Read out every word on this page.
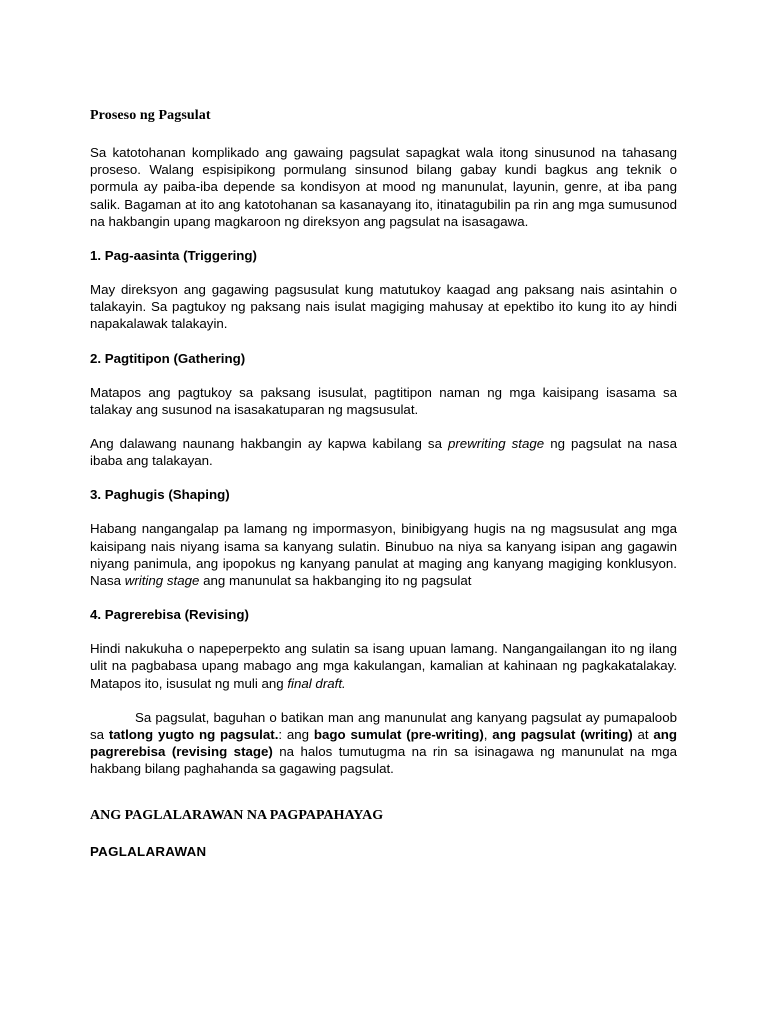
Proseso ng Pagsulat

Sa katotohanan komplikado ang gawaing pagsulat sapagkat wala itong sinusunod na tahasang proseso. Walang espisipikong pormulang sinsunod bilang gabay kundi bagkus ang teknik o pormula ay paiba-iba depende sa kondisyon at mood ng manunulat, layunin, genre, at iba pang salik. Bagaman at ito ang katotohanan sa kasanayang ito, itinatagubilin pa rin ang mga sumusunod na hakbangin upang magkaroon ng direksyon ang pagsulat na isasagawa.

1. Pag-aasinta (Triggering)

May direksyon ang gagawing pagsusulat kung matutukoy kaagad ang paksang nais asintahin o talakayin. Sa pagtukoy ng paksang nais isulat magiging mahusay at epektibo ito kung ito ay hindi napakalawak talakayin.

2. Pagtitipon (Gathering)

Matapos ang pagtukoy sa paksang isusulat, pagtitipon naman ng mga kaisipang isasama sa talakay ang susunod na isasakatuparan ng magsusulat.

Ang dalawang naunang hakbangin ay kapwa kabilang sa prewriting stage ng pagsulat na nasa ibaba ang talakayan.

3. Paghugis (Shaping)

Habang nangangalap pa lamang ng impormasyon, binibigyang hugis na ng magsusulat ang mga kaisipang nais niyang isama sa kanyang sulatin. Binubuo na niya sa kanyang isipan ang gagawin niyang panimula, ang ipopokus ng kanyang panulat at maging ang kanyang magiging konklusyon. Nasa writing stage ang manunulat sa hakbanging ito ng pagsulat

4. Pagrerebisa (Revising)

Hindi nakukuha o napeperpekto ang sulatin sa isang upuan lamang. Nangangailangan ito ng ilang ulit na pagbabasa upang mabago ang mga kakulangan, kamalian at kahinaan ng pagkakatalakay. Matapos ito, isusulat ng muli ang final draft.

Sa pagsulat, baguhan o batikan man ang manunulat ang kanyang pagsulat ay pumapaloob sa tatlong yugto ng pagsulat.: ang bago sumulat (pre-writing), ang pagsulat (writing) at ang pagrerebisa (revising stage) na halos tumutugma na rin sa isinagawa ng manunulat na mga hakbang bilang paghahanda sa gagawing pagsulat.

ANG PAGLALARAWAN NA PAGPAPAHAYAG
PAGLALARAWAN
